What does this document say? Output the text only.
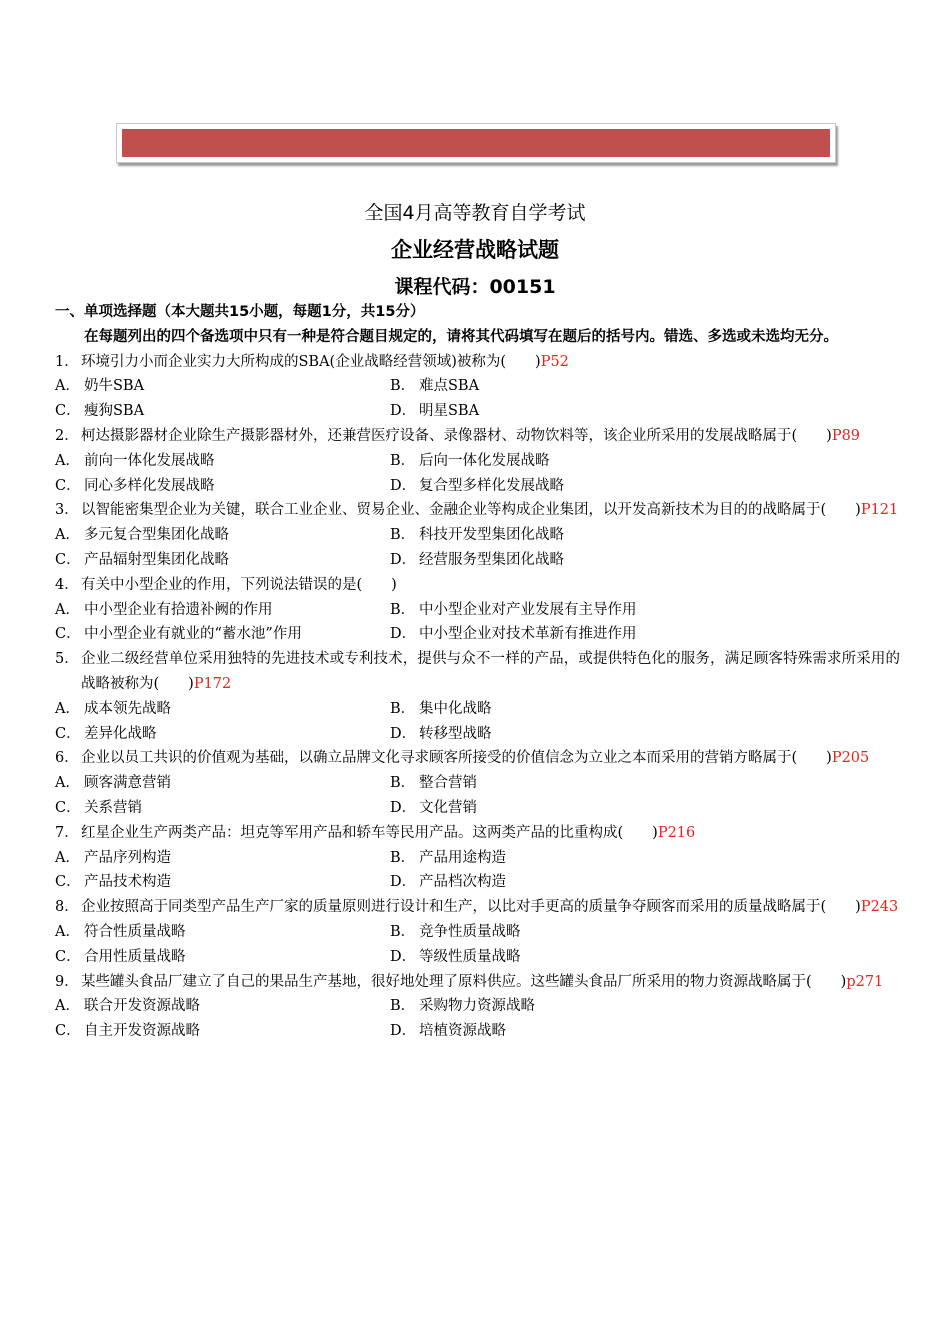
全国4月高等教育自学考试
企业经营战略试题
课程代码：00151
一、单项选择题（本大题共15小题，每题1分，共15分）
在每题列出的四个备选项中只有一种是符合题目规定的，请将其代码填写在题后的括号内。错选、多选或未选均无分。
1． 环境引力小而企业实力大所构成的SBA(企业战略经营领域)被称为(　　)P52
A． 奶牛SBA	B． 难点SBA
C． 瘦狗SBA	D． 明星SBA
2． 柯达摄影器材企业除生产摄影器材外，还兼营医疗设备、录像器材、动物饮料等，该企业所采用的发展战略属于(　　)P89
A． 前向一体化发展战略	B． 后向一体化发展战略
C． 同心多样化发展战略	D． 复合型多样化发展战略
3． 以智能密集型企业为关键，联合工业企业、贸易企业、金融企业等构成企业集团，以开发高新技术为目的的战略属于(　　)P121
A． 多元复合型集团化战略	B． 科技开发型集团化战略
C． 产品辐射型集团化战略	D． 经营服务型集团化战略
4． 有关中小型企业的作用，下列说法错误的是(　　)
A． 中小型企业有拾遗补阙的作用	B． 中小型企业对产业发展有主导作用
C． 中小型企业有就业的“蓄水池”作用	D． 中小型企业对技术革新有推进作用
5． 企业二级经营单位采用独特的先进技术或专利技术，提供与众不一样的产品，或提供特色化的服务，满足顾客特殊需求所采用的战略被称为(　　)P172
A． 成本领先战略	B． 集中化战略
C． 差异化战略	D． 转移型战略
6． 企业以员工共识的价值观为基础，以确立品牌文化寻求顾客所接受的价值信念为立业之本而采用的营销方略属于(　　)P205
A． 顾客满意营销	B． 整合营销
C． 关系营销	D． 文化营销
7． 红星企业生产两类产品：坦克等军用产品和轿车等民用产品。这两类产品的比重构成(　　)P216
A． 产品序列构造	B． 产品用途构造
C． 产品技术构造	D． 产品档次构造
8． 企业按照高于同类型产品生产厂家的质量原则进行设计和生产，以比对手更高的质量争夺顾客而采用的质量战略属于(　　)P243
A． 符合性质量战略	B． 竞争性质量战略
C． 合用性质量战略	D． 等级性质量战略
9． 某些罐头食品厂建立了自己的果品生产基地，很好地处理了原料供应。这些罐头食品厂所采用的物力资源战略属于(　　)p271
A． 联合开发资源战略	B． 采购物力资源战略
C． 自主开发资源战略	D． 培植资源战略
